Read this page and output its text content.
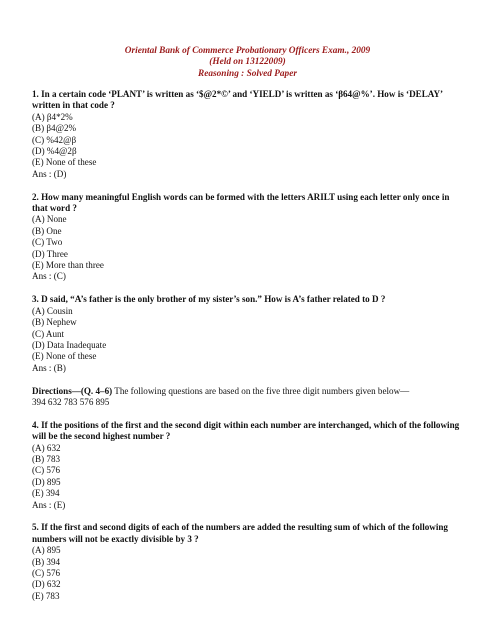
Oriental Bank of Commerce Probationary Officers Exam., 2009
(Held on 13122009)
Reasoning : Solved Paper
1. In a certain code ‘PLANT’ is written as ‘$@2*©’ and ‘YIELD’ is written as ‘β64@%’. How is ‘DELAY’ written in that code ?
(A) β4*2%
(B) β4@2%
(C) %42@β
(D) %4@2β
(E) None of these
Ans : (D)
2. How many meaningful English words can be formed with the letters ARILT using each letter only once in that word ?
(A) None
(B) One
(C) Two
(D) Three
(E) More than three
Ans : (C)
3. D said, “A’s father is the only brother of my sister’s son.” How is A’s father related to D ?
(A) Cousin
(B) Nephew
(C) Aunt
(D) Data Inadequate
(E) None of these
Ans : (B)
Directions—(Q. 4–6) The following questions are based on the five three digit numbers given below—
394 632 783 576 895
4. If the positions of the first and the second digit within each number are interchanged, which of the following will be the second highest number ?
(A) 632
(B) 783
(C) 576
(D) 895
(E) 394
Ans : (E)
5. If the first and second digits of each of the numbers are added the resulting sum of which of the following numbers will not be exactly divisible by 3 ?
(A) 895
(B) 394
(C) 576
(D) 632
(E) 783
